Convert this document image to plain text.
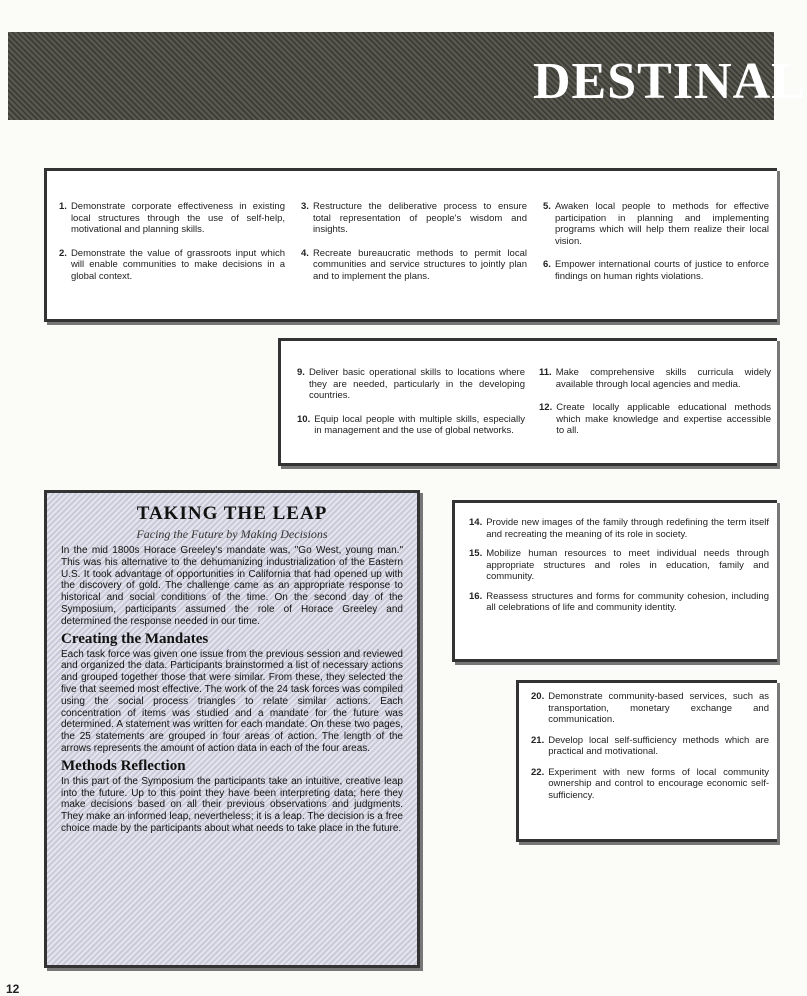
DESTINAL
1. Demonstrate corporate effectiveness in existing local structures through the use of self-help, motivational and planning skills.
2. Demonstrate the value of grassroots input which will enable communities to make decisions in a global context.
3. Restructure the deliberative process to ensure total representation of people's wisdom and insights.
4. Recreate bureaucratic methods to permit local communities and service structures to jointly plan and to implement the plans.
5. Awaken local people to methods for effective participation in planning and implementing programs which will help them realize their local vision.
6. Empower international courts of justice to enforce findings on human rights violations.
9. Deliver basic operational skills to locations where they are needed, particularly in the developing countries.
10. Equip local people with multiple skills, especially in management and the use of global networks.
11. Make comprehensive skills curricula widely available through local agencies and media.
12. Create locally applicable educational methods which make knowledge and expertise accessible to all.
14. Provide new images of the family through redefining the term itself and recreating the meaning of its role in society.
15. Mobilize human resources to meet individual needs through appropriate structures and roles in education, family and community.
16. Reassess structures and forms for community cohesion, including all celebrations of life and community identity.
20. Demonstrate community-based services, such as transportation, monetary exchange and communication.
21. Develop local self-sufficiency methods which are practical and motivational.
22. Experiment with new forms of local community ownership and control to encourage economic self-sufficiency.
TAKING THE LEAP
Facing the Future by Making Decisions

In the mid 1800s Horace Greeley's mandate was, "Go West, young man." This was his alternative to the dehumanizing industrialization of the Eastern U.S. It took advantage of opportunities in California that had opened up with the discovery of gold. The challenge came as an appropriate response to historical and social conditions of the time. On the second day of the Symposium, participants assumed the role of Horace Greeley and determined the response needed in our time.

Creating the Mandates

Each task force was given one issue from the previous session and reviewed and organized the data. Participants brainstormed a list of necessary actions and grouped together those that were similar. From these, they selected the five that seemed most effective. The work of the 24 task forces was compiled using the social process triangles to relate similar actions. Each concentration of items was studied and a mandate for the future was determined. A statement was written for each mandate. On these two pages, the 25 statements are grouped in four areas of action. The length of the arrows represents the amount of action data in each of the four areas.

Methods Reflection

In this part of the Symposium the participants take an intuitive, creative leap into the future. Up to this point they have been interpreting data; here they make decisions based on all their previous observations and judgments. They make an informed leap, nevertheless; it is a leap. The decision is a free choice made by the participants about what needs to take place in the future.

12
